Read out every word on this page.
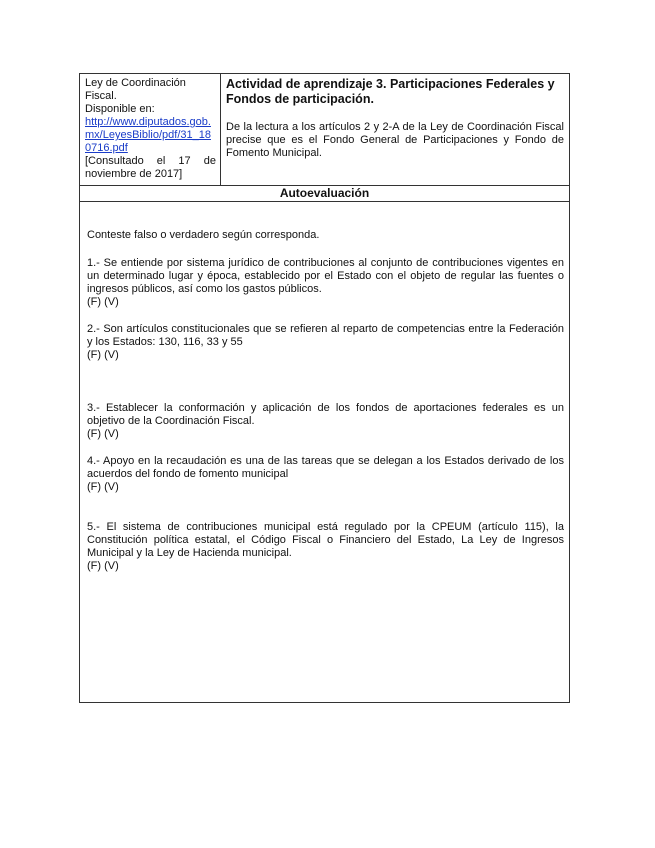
Ley de Coordinación
Fiscal.
Disponible en:
http://www.diputados.gob.mx/LeyesBiblio/pdf/31_180716.pdf
[Consultado el 17 de noviembre de 2017]

Actividad de aprendizaje 3. Participaciones Federales y Fondos de participación.

De la lectura a los artículos 2 y 2-A de la Ley de Coordinación Fiscal precise que es el Fondo General de Participaciones y Fondo de Fomento Municipal.

Autoevaluación

Conteste falso o verdadero según corresponda.

1.- Se entiende por sistema jurídico de contribuciones al conjunto de contribuciones vigentes en un determinado lugar y época, establecido por el Estado con el objeto de regular las fuentes o ingresos públicos, así como los gastos públicos.

(F) (V)

2.- Son artículos constitucionales que se refieren al reparto de competencias entre la Federación y los Estados: 130, 116, 33 y 55

(F) (V)

3.- Establecer la conformación y aplicación de los fondos de aportaciones federales es un objetivo de la Coordinación Fiscal.

(F) (V)

4.- Apoyo en la recaudación es una de las tareas que se delegan a los Estados derivado de los acuerdos del fondo de fomento municipal

(F) (V)

5.- El sistema de contribuciones municipal está regulado por la CPEUM (artículo 115), la Constitución política estatal, el Código Fiscal o Financiero del Estado, La Ley de Ingresos Municipal y la Ley de Hacienda municipal.

(F) (V)
